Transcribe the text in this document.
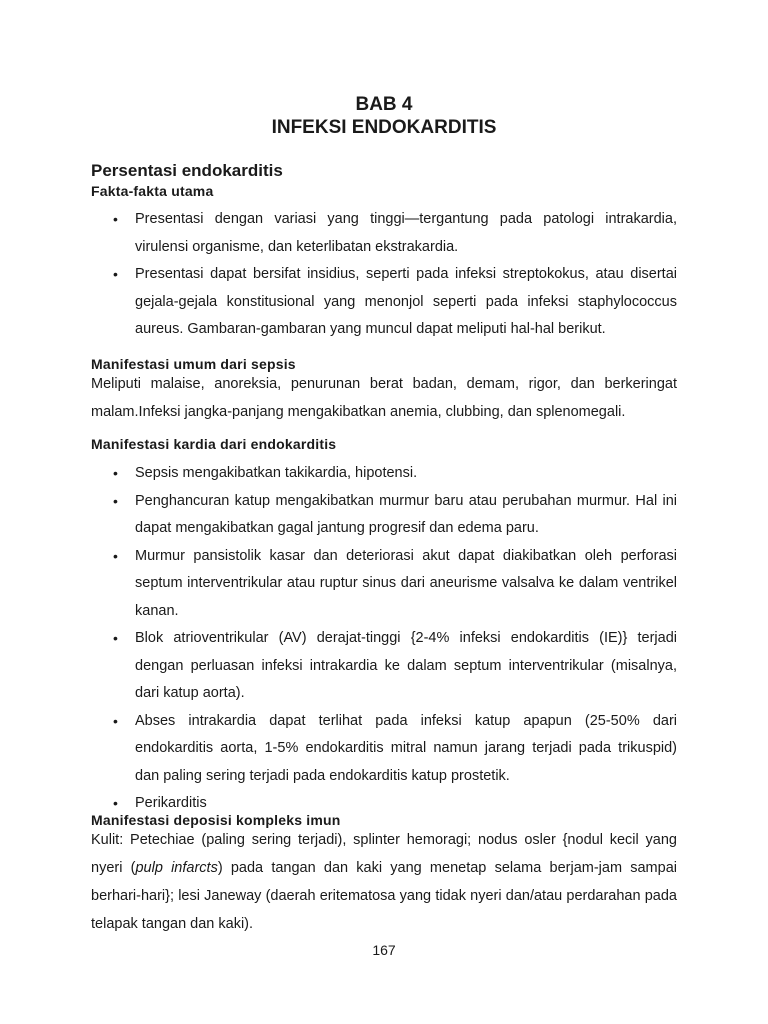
BAB 4

INFEKSI ENDOKARDITIS

Persentasi endokarditis
Fakta-fakta utama
• Presentasi dengan variasi yang tinggi—tergantung pada patologi intrakardia, virulensi organisme, dan keterlibatan ekstrakardia.
• Presentasi dapat bersifat insidius, seperti pada infeksi streptokokus, atau disertai gejala-gejala konstitusional yang menonjol seperti pada infeksi staphylococcus aureus. Gambaran-gambaran yang muncul dapat meliputi hal-hal berikut.
Manifestasi umum dari sepsis

Meliputi malaise, anoreksia, penurunan berat badan, demam, rigor, dan berkeringat malam.Infeksi jangka-panjang mengakibatkan anemia, clubbing, dan splenomegali.

Manifestasi kardia dari endokarditis
• Sepsis mengakibatkan takikardia, hipotensi.
• Penghancuran katup mengakibatkan murmur baru atau perubahan murmur. Hal ini dapat mengakibatkan gagal jantung progresif dan edema paru.
• Murmur pansistolik kasar dan deteriorasi akut dapat diakibatkan oleh perforasi septum interventrikular atau ruptur sinus dari aneurisme valsalva ke dalam ventrikel kanan.
• Blok atrioventrikular (AV) derajat-tinggi {2-4% infeksi endokarditis (IE)} terjadi dengan perluasan infeksi intrakardia ke dalam septum interventrikular (misalnya, dari katup aorta).
• Abses intrakardia dapat terlihat pada infeksi katup apapun (25-50% dari endokarditis aorta, 1-5% endokarditis mitral namun jarang terjadi pada trikuspid) dan paling sering terjadi pada endokarditis katup prostetik.
• Perikarditis
Manifestasi deposisi kompleks imun

Kulit: Petechiae (paling sering terjadi), splinter hemoragi; nodus osler {nodul kecil yang nyeri (pulp infarcts) pada tangan dan kaki yang menetap selama berjam-jam sampai berhari-hari}; lesi Janeway (daerah eritematosa yang tidak nyeri dan/atau perdarahan pada telapak tangan dan kaki).

167
